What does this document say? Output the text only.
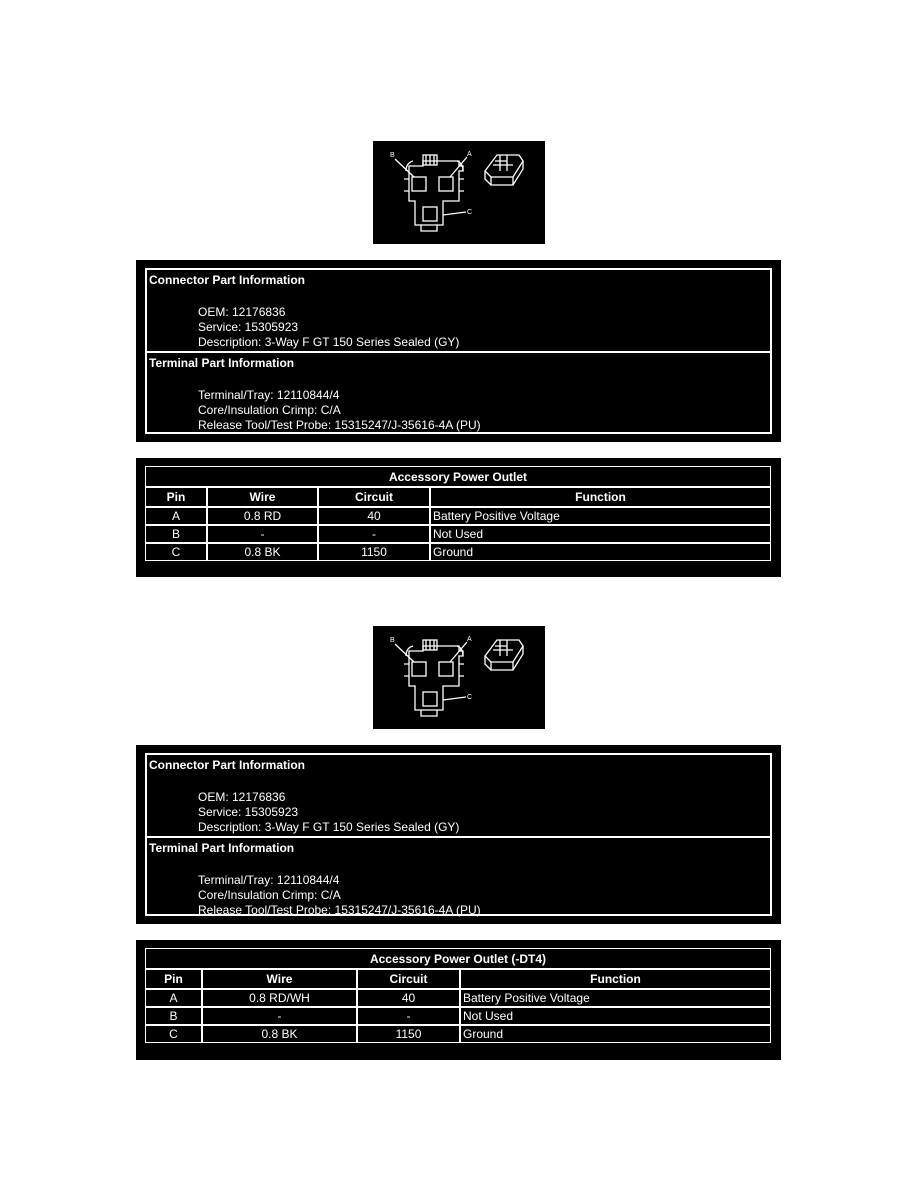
B	A
C
Connector Part Information
OEM: 12176836
Service: 15305923
Description: 3-Way F GT 150 Series Sealed (GY)
Terminal Part Information
Terminal/Tray: 12110844/4
Core/Insulation Crimp: C/A
Release Tool/Test Probe: 15315247/J-35616-4A (PU)
Accessory Power Outlet			
Pin	Wire	Circuit	Function
A	0.8 RD	40	Battery Positive Voltage
B	-	-	Not Used
C	0.8 BK	1150	Ground
B	A
C
Connector Part Information
OEM: 12176836
Service: 15305923
Description: 3-Way F GT 150 Series Sealed (GY)
Terminal Part Information
Terminal/Tray: 12110844/4
Core/Insulation Crimp: C/A
Release Tool/Test Probe: 15315247/J-35616-4A (PU)
Accessory Power Outlet (-DT4)			
Pin	Wire	Circuit	Function
A	0.8 RD/WH	40	Battery Positive Voltage
B	-	-	Not Used
C	0.8 BK	1150	Ground
